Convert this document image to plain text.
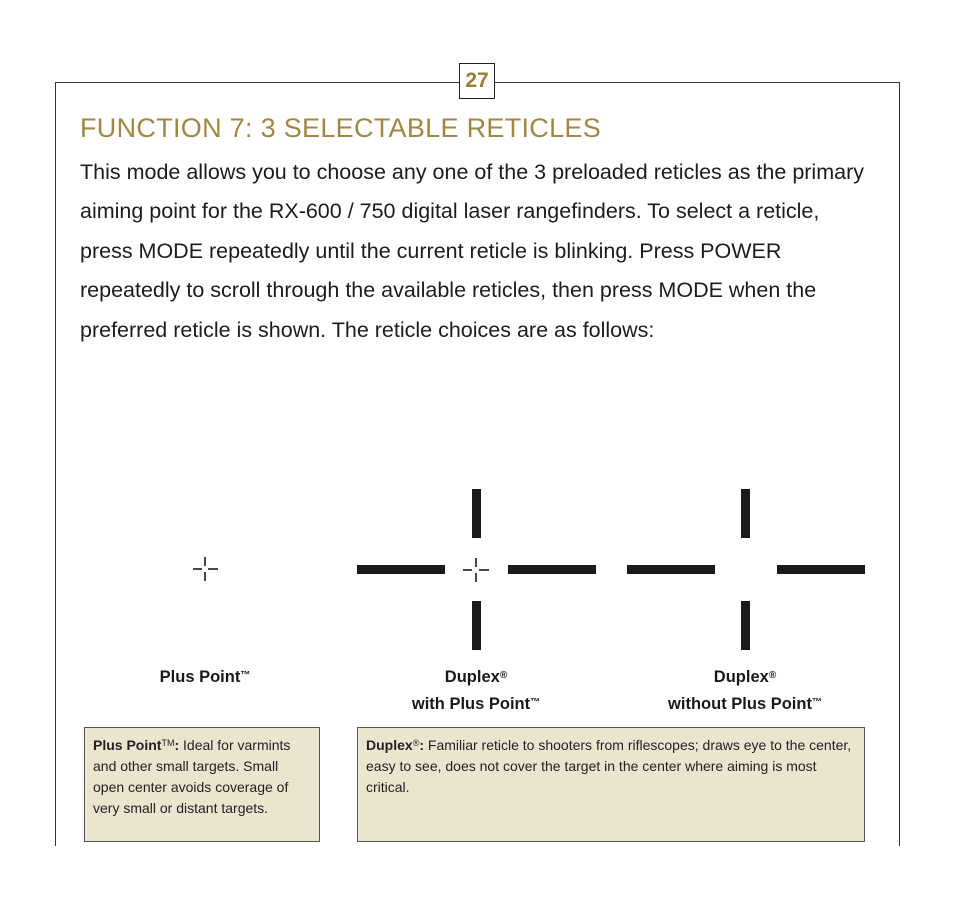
27
FUNCTION 7: 3 SELECTABLE RETICLES

This mode allows you to choose any one of the 3 preloaded reticles as the primary aiming point for the RX-600 / 750 digital laser rangefinders. To select a reticle, press MODE repeatedly until the current reticle is blinking. Press POWER repeatedly to scroll through the available reticles, then press MODE when the preferred reticle is shown. The reticle choices are as follows:

Plus Point™	Duplex®
with Plus Point™
Duplex®
without Plus Point™
Plus Point™: Ideal for varmints and other small targets. Small open center avoids coverage of very small or distant targets.
Duplex®: Familiar reticle to shooters from riflescopes; draws eye to the center, easy to see, does not cover the target in the center where aiming is most critical.
